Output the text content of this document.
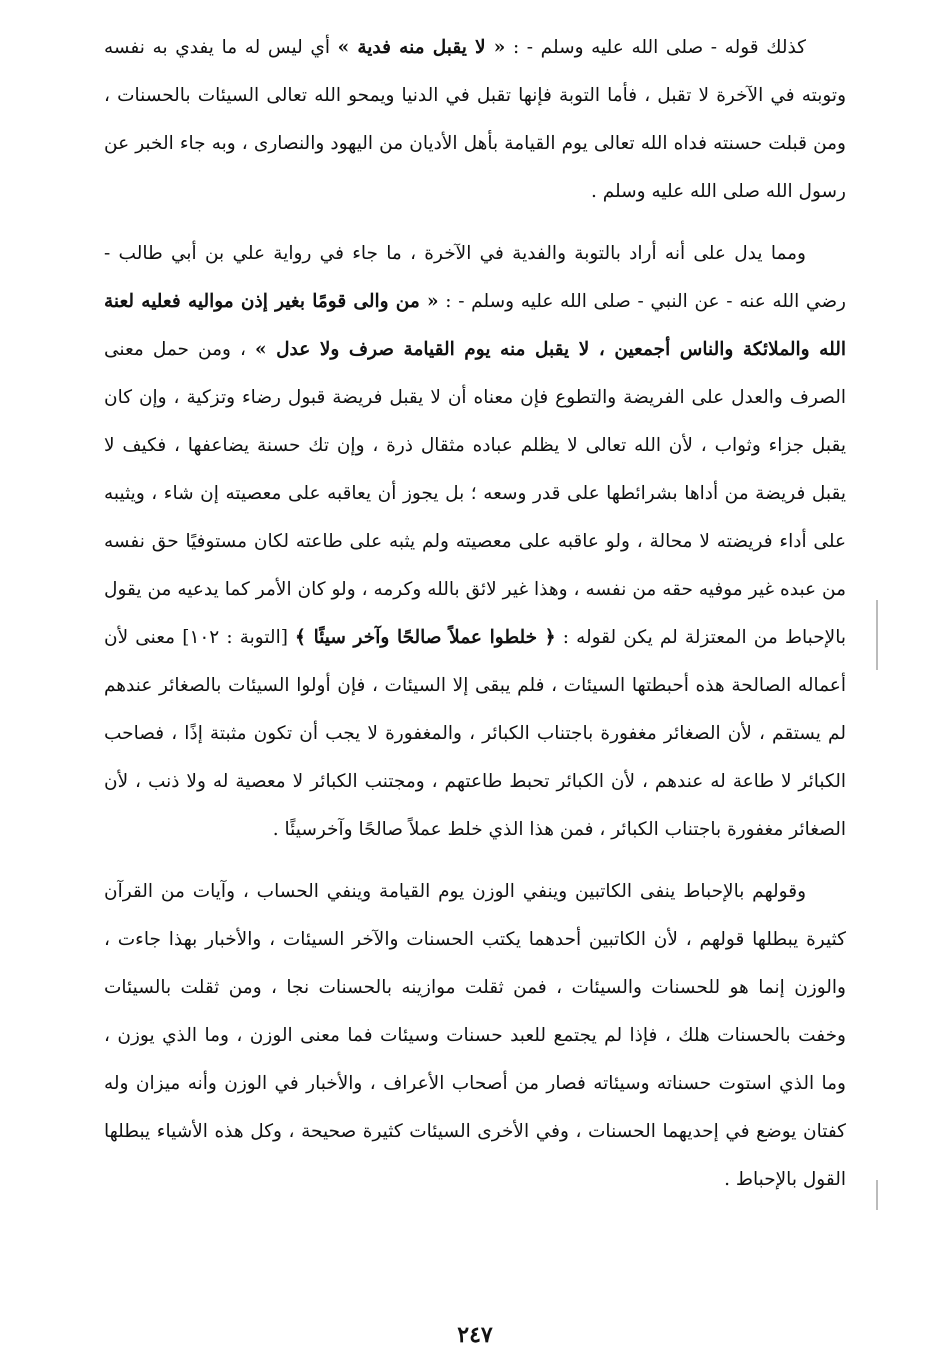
كذلك قوله - صلى الله عليه وسلم - : « لا يقبل منه فدية » أي ليس له ما يفدي به نفسه وتوبته في الآخرة لا تقبل ، فأما التوبة فإنها تقبل في الدنيا ويمحو الله تعالى السيئات بالحسنات ، ومن قبلت حسنته فداه الله تعالى يوم القيامة بأهل الأديان من اليهود والنصارى ، وبه جاء الخبر عن رسول الله صلى الله عليه وسلم .

ومما يدل على أنه أراد بالتوبة والفدية في الآخرة ، ما جاء في رواية علي بن أبي طالب - رضي الله عنه - عن النبي - صلى الله عليه وسلم - : « من والى قومًا بغير إذن مواليه فعليه لعنة الله والملائكة والناس أجمعين ، لا يقبل منه يوم القيامة صرف ولا عدل » ، ومن حمل معنى الصرف والعدل على الفريضة والتطوع فإن معناه أن لا يقبل فريضة قبول رضاء وتزكية ، وإن كان يقبل جزاء وثواب ، لأن الله تعالى لا يظلم عباده مثقال ذرة ، وإن تك حسنة يضاعفها ، فكيف لا يقبل فريضة من أداها بشرائطها على قدر وسعه ؛ بل يجوز أن يعاقبه على معصيته إن شاء ، ويثيبه على أداء فريضته لا محالة ، ولو عاقبه على معصيته ولم يثبه على طاعته لكان مستوفيًا حق نفسه من عبده غير موفيه حقه من نفسه ، وهذا غير لائق بالله وكرمه ، ولو كان الأمر كما يدعيه من يقول بالإحباط من المعتزلة لم يكن لقوله : ﴿ خلطوا عملاً صالحًا وآخر سيئًا ﴾ [التوبة : ١٠٢] معنى لأن أعماله الصالحة هذه أحبطتها السيئات ، فلم يبقى إلا السيئات ، فإن أولوا السيئات بالصغائر عندهم لم يستقم ، لأن الصغائر مغفورة باجتناب الكبائر ، والمغفورة لا يجب أن تكون مثبتة إذًا ، فصاحب الكبائر لا طاعة له عندهم ، لأن الكبائر تحبط طاعتهم ، ومجتنب الكبائر لا معصية له ولا ذنب ، لأن الصغائر مغفورة باجتناب الكبائر ، فمن هذا الذي خلط عملاً صالحًا وآخرسيئًا .

وقولهم بالإحباط ينفى الكاتبين وينفي الوزن يوم القيامة وينفي الحساب ، وآيات من القرآن كثيرة يبطلها قولهم ، لأن الكاتبين أحدهما يكتب الحسنات والآخر السيئات ، والأخبار بهذا جاءت ، والوزن إنما هو للحسنات والسيئات ، فمن ثقلت موازينه بالحسنات نجا ، ومن ثقلت بالسيئات وخفت بالحسنات هلك ، فإذا لم يجتمع للعبد حسنات وسيئات فما معنى الوزن ، وما الذي يوزن ، وما الذي استوت حسناته وسيئاته فصار من أصحاب الأعراف ، والأخبار في الوزن وأنه ميزان وله كفتان يوضع في إحديهما الحسنات ، وفي الأخرى السيئات كثيرة صحيحة ، وكل هذه الأشياء يبطلها القول بالإحباط .

٢٤٧
